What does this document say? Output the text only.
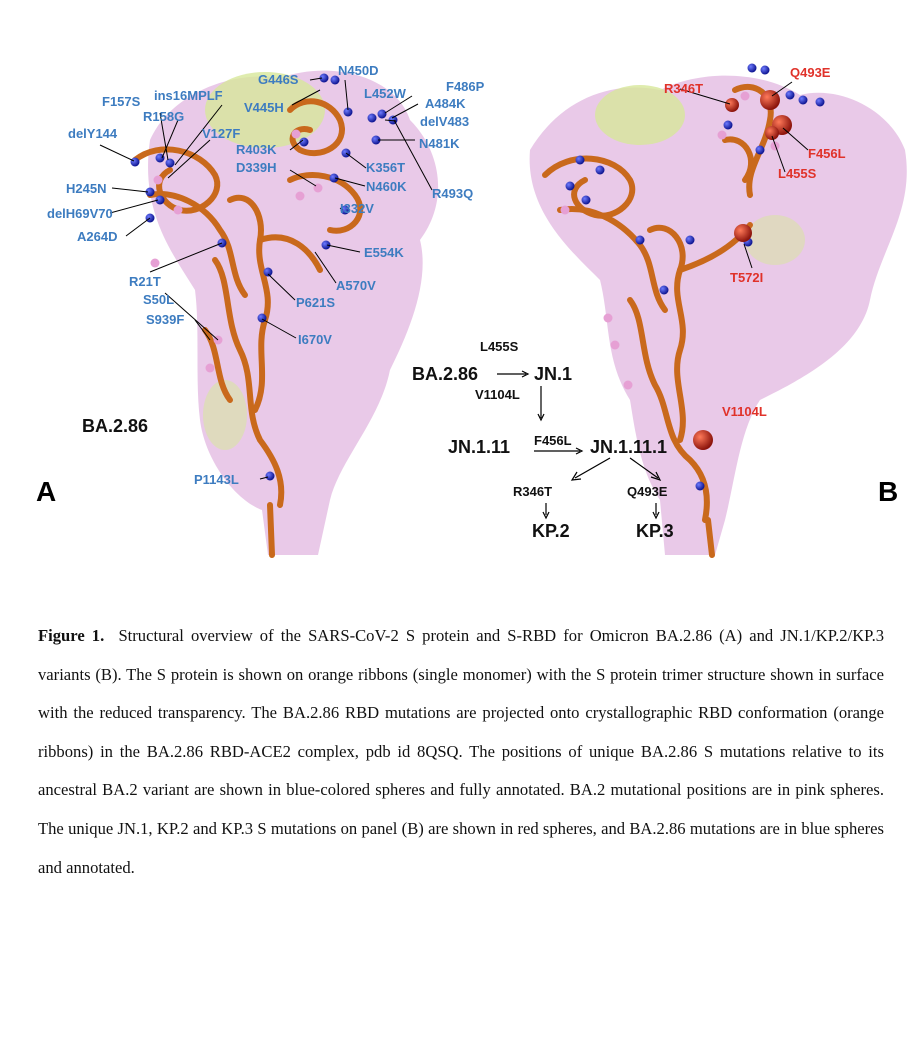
N450D
G446S	F486P
L452W
A484K
V445H
delV483
F157S ins16MPLF
R158G
V127F
R403K	N481K
delY144
D339H	K356T
N460K R493Q
H245N
I332V
delH69V70
A264D
E554K
R21T	A570V
S50L	P621S
S939F
I670V
P1143L
BA.2.86
A
R346T
Q493E
F456L
L455S
T572I
V1104L
B
L455S
BA.2.86	JN.1
V1104L
JN.1.11 F456L JN.1.11.1
R346T	Q493E
KP.2	KP.3
Figure 1. Structural overview of the SARS-CoV-2 S protein and S-RBD for Omicron BA.2.86 (A) and JN.1/KP.2/KP.3 variants (B). The S protein is shown on orange ribbons (single monomer) with the S protein trimer structure shown in surface with the reduced transparency. The BA.2.86 RBD mutations are projected onto crystallographic RBD conformation (orange ribbons) in the BA.2.86 RBD-ACE2 complex, pdb id 8QSQ. The positions of unique BA.2.86 S mutations relative to its ancestral BA.2 variant are shown in blue-colored spheres and fully annotated. BA.2 mutational positions are in pink spheres. The unique JN.1, KP.2 and KP.3 S mutations on panel (B) are shown in red spheres, and BA.2.86 mutations are in blue spheres and annotated.
